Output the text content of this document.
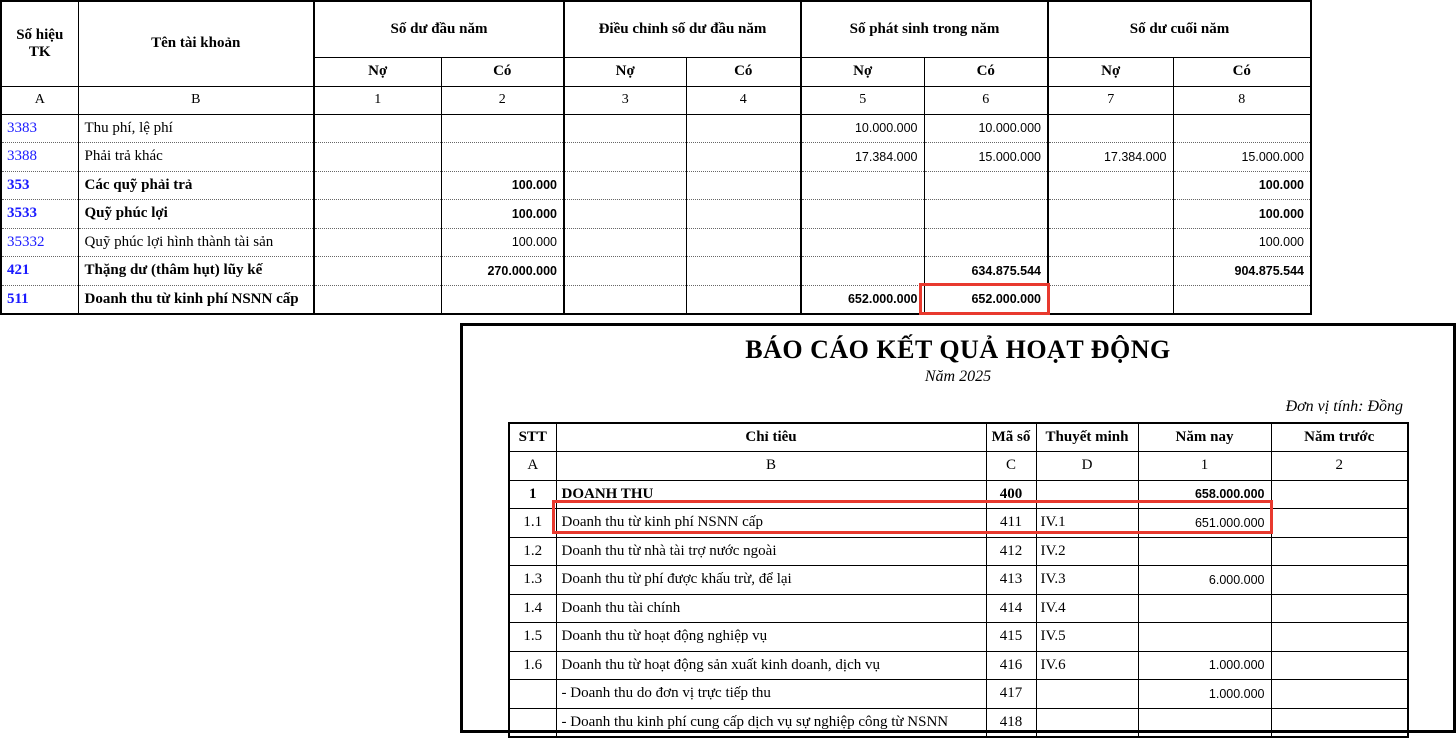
Số hiệu TK	Tên tài khoản	Số dư đầu năm		Điều chỉnh số dư đầu năm		Số phát sinh trong năm		Số dư cuối năm	
		Nợ	Có	Nợ	Có	Nợ	Có	Nợ	Có
A	B	1	2	3	4	5	6	7	8
3383	Thu phí, lệ phí					10.000.000	10.000.000		
3388	Phải trả khác					17.384.000	15.000.000	17.384.000	15.000.000
353	Các quỹ phải trả		100.000						100.000
3533	Quỹ phúc lợi		100.000						100.000
35332	Quỹ phúc lợi hình thành tài sản		100.000						100.000
421	Thặng dư (thâm hụt) lũy kế		270.000.000				634.875.544		904.875.544
511	Doanh thu từ kinh phí NSNN cấp					652.000.000	652.000.000		
BÁO CÁO KẾT QUẢ HOẠT ĐỘNG
Năm 2025
Đơn vị tính: Đồng
STT	Chỉ tiêu	Mã số	Thuyết minh	Năm nay	Năm trước
A	B	C	D	1	2
1	DOANH THU	400		658.000.000	
1.1	Doanh thu từ kinh phí NSNN cấp	411	IV.1	651.000.000	
1.2	Doanh thu từ nhà tài trợ nước ngoài	412	IV.2		
1.3	Doanh thu từ phí được khấu trừ, để lại	413	IV.3	6.000.000	
1.4	Doanh thu tài chính	414	IV.4		
1.5	Doanh thu từ hoạt động nghiệp vụ	415	IV.5		
1.6	Doanh thu từ hoạt động sản xuất kinh doanh, dịch vụ	416	IV.6	1.000.000	
	- Doanh thu do đơn vị trực tiếp thu	417		1.000.000	
	- Doanh thu kinh phí cung cấp dịch vụ sự nghiệp công từ NSNN	418			
